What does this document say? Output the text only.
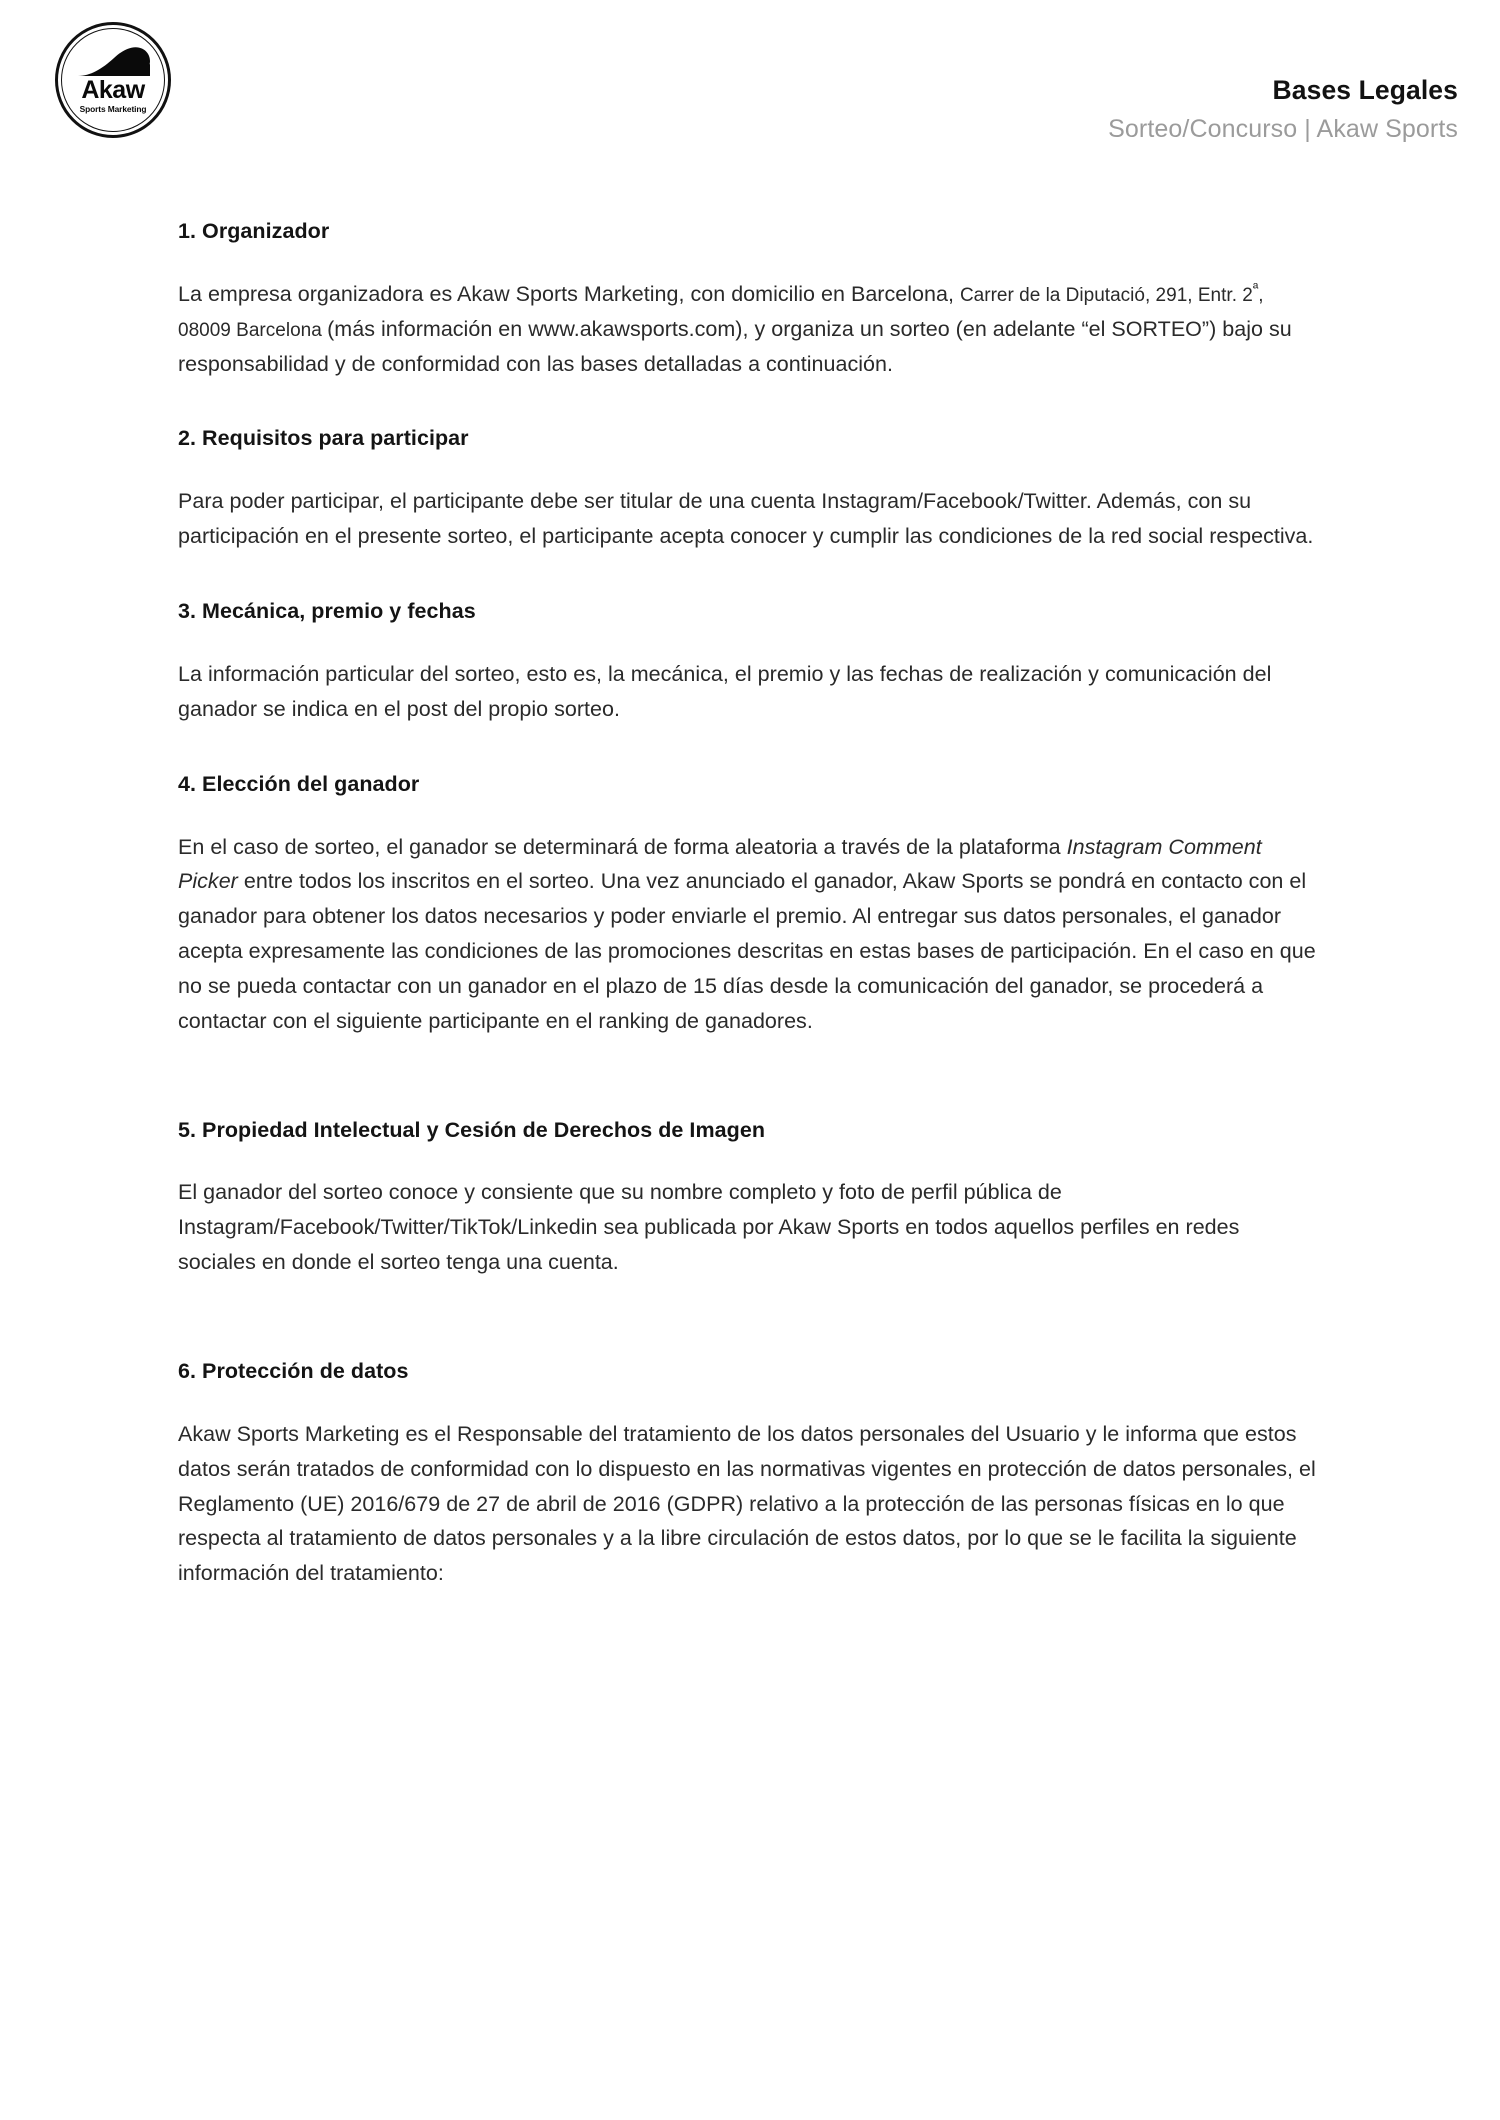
Akaw
Sports Marketing
Bases Legales
Sorteo/Concurso | Akaw Sports
1. Organizador

La empresa organizadora es Akaw Sports Marketing, con domicilio en Barcelona, Carrer de la Diputació, 291, Entr. $2^ª$, 08009 Barcelona (más información en www.akawsports.com), y organiza un sorteo (en adelante “el SORTEO”) bajo su responsabilidad y de conformidad con las bases detalladas a continuación.

2. Requisitos para participar

Para poder participar, el participante debe ser titular de una cuenta Instagram/Facebook/Twitter. Además, con su participación en el presente sorteo, el participante acepta conocer y cumplir las condiciones de la red social respectiva.

3. Mecánica, premio y fechas

La información particular del sorteo, esto es, la mecánica, el premio y las fechas de realización y comunicación del ganador se indica en el post del propio sorteo.

4. Elección del ganador

En el caso de sorteo, el ganador se determinará de forma aleatoria a través de la plataforma Instagram Comment Picker entre todos los inscritos en el sorteo. Una vez anunciado el ganador, Akaw Sports se pondrá en contacto con el ganador para obtener los datos necesarios y poder enviarle el premio. Al entregar sus datos personales, el ganador acepta expresamente las condiciones de las promociones descritas en estas bases de participación. En el caso en que no se pueda contactar con un ganador en el plazo de 15 días desde la comunicación del ganador, se procederá a contactar con el siguiente participante en el ranking de ganadores.

5. Propiedad Intelectual y Cesión de Derechos de Imagen

El ganador del sorteo conoce y consiente que su nombre completo y foto de perfil pública de Instagram/Facebook/Twitter/TikTok/Linkedin sea publicada por Akaw Sports en todos aquellos perfiles en redes sociales en donde el sorteo tenga una cuenta.

6. Protección de datos

Akaw Sports Marketing es el Responsable del tratamiento de los datos personales del Usuario y le informa que estos datos serán tratados de conformidad con lo dispuesto en las normativas vigentes en protección de datos personales, el Reglamento (UE) 2016/679 de 27 de abril de 2016 (GDPR) relativo a la protección de las personas físicas en lo que respecta al tratamiento de datos personales y a la libre circulación de estos datos, por lo que se le facilita la siguiente información del tratamiento:
